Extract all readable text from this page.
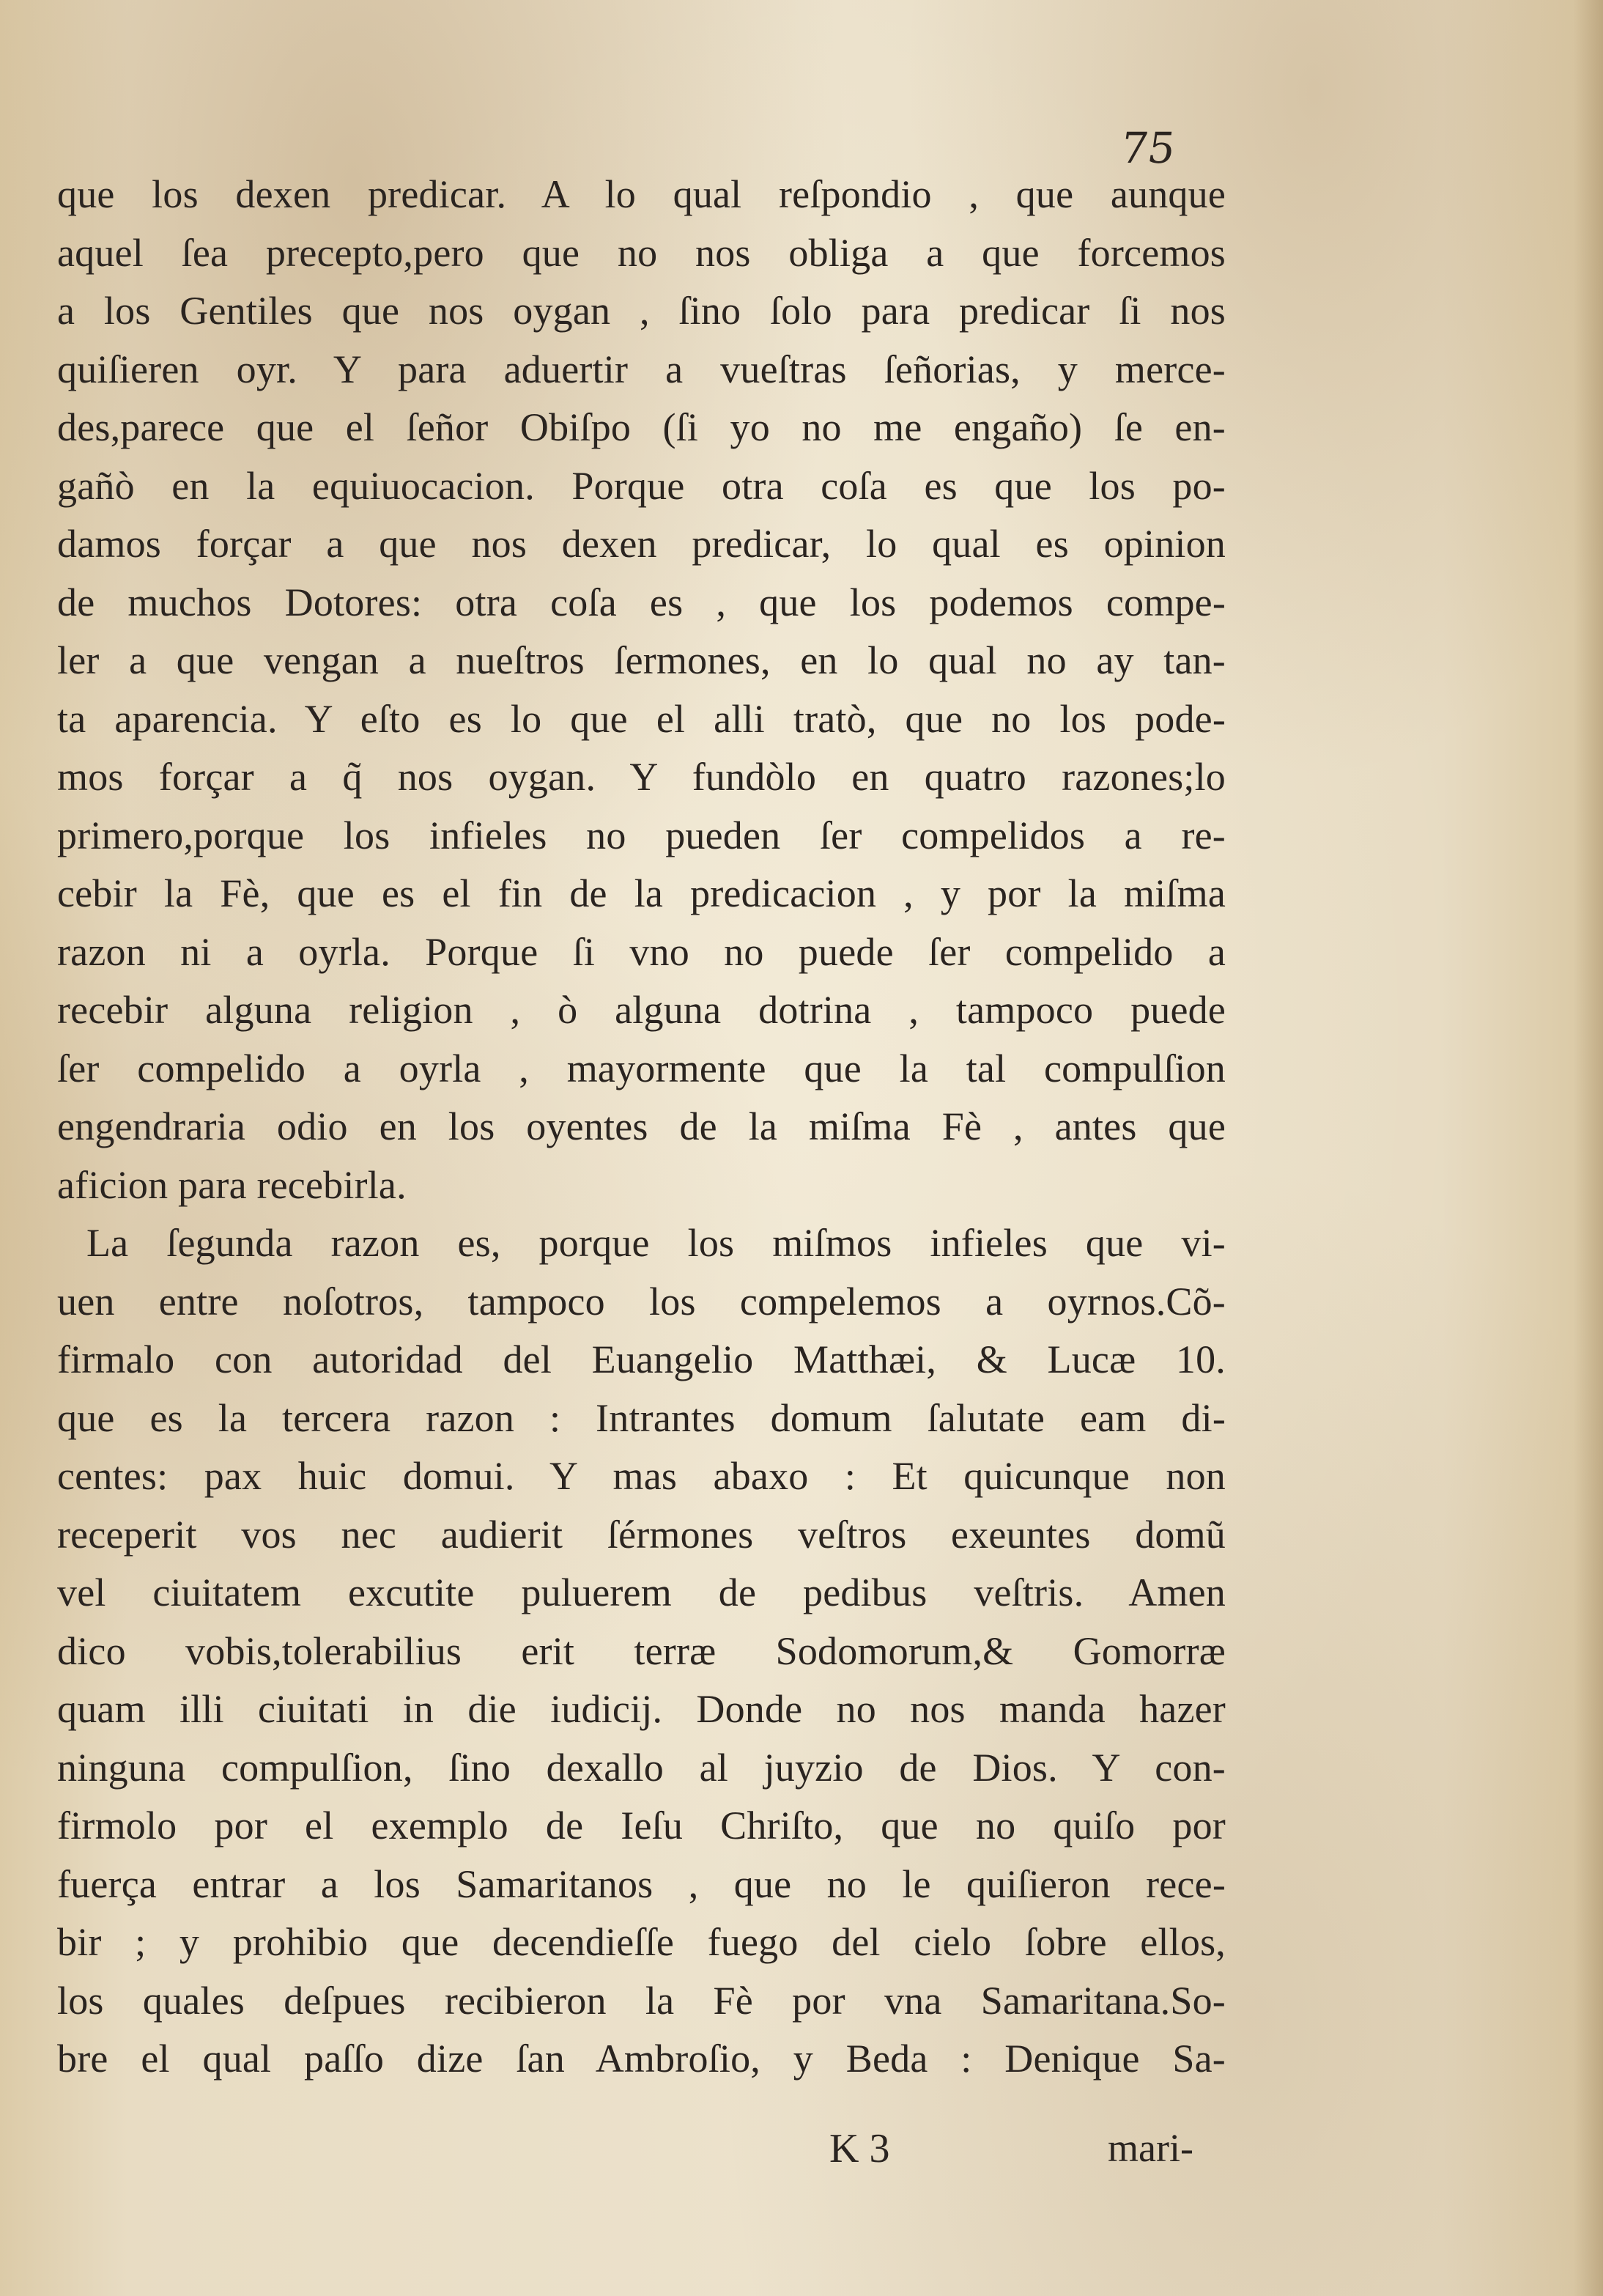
75
que los dexen predicar. A lo qual reſpondio , que aunque
aquel ſea precepto,pero que no nos obliga a que forcemos
a los Gentiles que nos oygan , ſino ſolo para predicar ſi nos
quiſieren oyr. Y para aduertir a vueſtras ſeñorias, y merce-
des,parece que el ſeñor Obiſpo (ſi yo no me engaño) ſe en-
gañò en la equiuocacion. Porque otra coſa es que los po-
damos forçar a que nos dexen predicar, lo qual es opinion
de muchos Dotores: otra coſa es , que los podemos compe-
ler a que vengan a nueſtros ſermones, en lo qual no ay tan-
ta aparencia. Y eſto es lo que el alli tratò, que no los pode-
mos forçar a q̃ nos oygan. Y fundòlo en quatro razones;lo
primero,porque los infieles no pueden ſer compelidos a re-
cebir la Fè, que es el fin de la predicacion , y por la miſma
razon ni a oyrla. Porque ſi vno no puede ſer compelido a
recebir alguna religion , ò alguna dotrina , tampoco puede
ſer compelido a oyrla , mayormente que la tal compulſion
engendraria odio en los oyentes de la miſma Fè , antes que
aficion para recebirla.
La ſegunda razon es, porque los miſmos infieles que vi-
uen entre noſotros, tampoco los compelemos a oyrnos.Cõ-
firmalo con autoridad del Euangelio Matthæi, & Lucæ 10.
que es la tercera razon : Intrantes domum ſalutate eam di-
centes: pax huic domui. Y mas abaxo : Et quicunque non
receperit vos nec audierit ſérmones veſtros exeuntes domũ
vel ciuitatem excutite puluerem de pedibus veſtris. Amen
dico vobis,tolerabilius erit terræ Sodomorum,& Gomorræ
quam illi ciuitati in die iudicij. Donde no nos manda hazer
ninguna compulſion, ſino dexallo al juyzio de Dios. Y con-
firmolo por el exemplo de Ieſu Chriſto, que no quiſo por
fuerça entrar a los Samaritanos , que no le quiſieron rece-
bir ; y prohibio que decendieſſe fuego del cielo ſobre ellos,
los quales deſpues recibieron la Fè por vna Samaritana.So-
bre el qual paſſo dize ſan Ambroſio, y Beda : Denique Sa-
K 3	mari-
